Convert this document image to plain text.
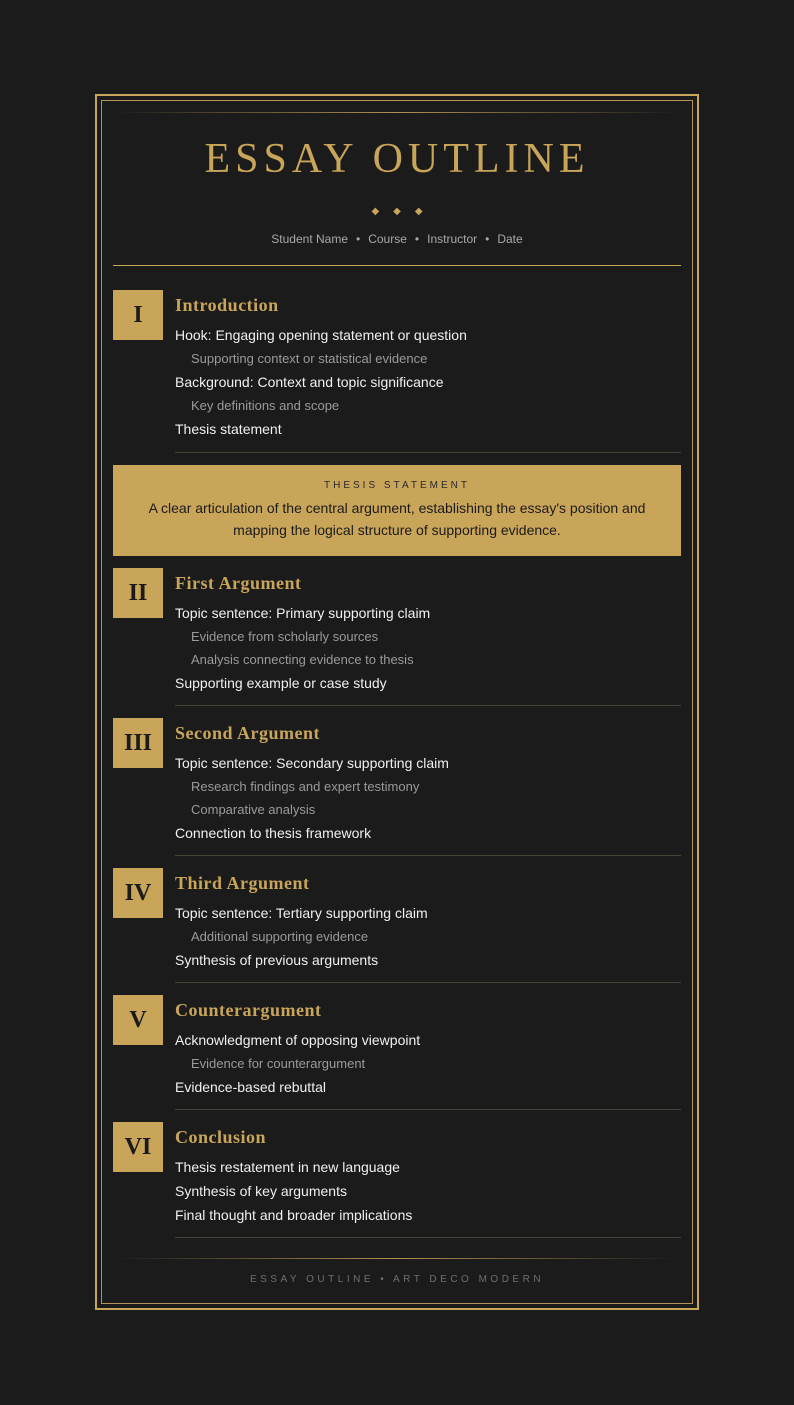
ESSAY OUTLINE
◆ ◆ ◆
Student Name • Course • Instructor • Date
I	Introduction
Hook: Engaging opening statement or question
Supporting context or statistical evidence
Background: Context and topic significance
Key definitions and scope
Thesis statement
THESIS STATEMENT
A clear articulation of the central argument, establishing the essay's position and mapping the logical structure of supporting evidence.
II	First Argument
Topic sentence: Primary supporting claim
Evidence from scholarly sources
Analysis connecting evidence to thesis
Supporting example or case study
III	Second Argument
Topic sentence: Secondary supporting claim
Research findings and expert testimony
Comparative analysis
Connection to thesis framework
IV	Third Argument
Topic sentence: Tertiary supporting claim
Additional supporting evidence
Synthesis of previous arguments
V	Counterargument
Acknowledgment of opposing viewpoint
Evidence for counterargument
Evidence-based rebuttal
VI	Conclusion
Thesis restatement in new language
Synthesis of key arguments
Final thought and broader implications
ESSAY OUTLINE • ART DECO MODERN
